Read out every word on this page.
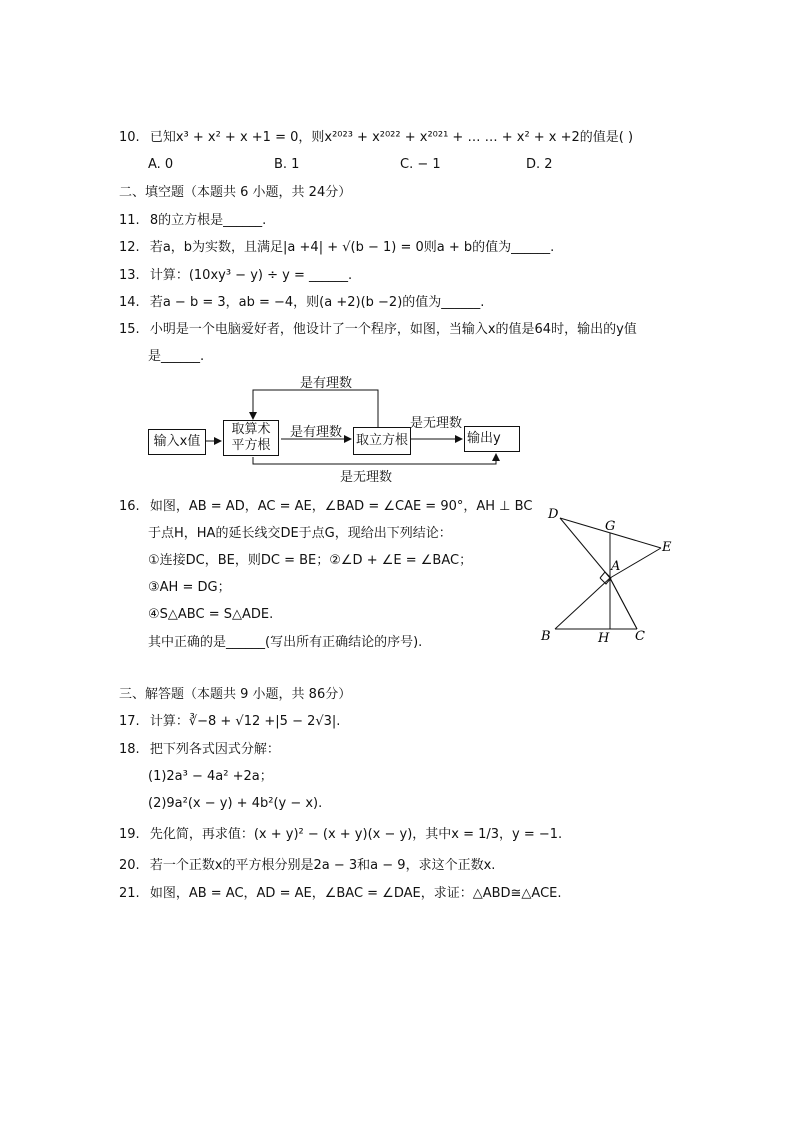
10. 已知x³ + x² + x +1 = 0，则x²⁰²³ + x²⁰²² + x²⁰²¹ + … … + x² + x +2的值是( )
A. 0	B. 1	C. − 1	D. 2
二、填空题（本题共 6 小题，共 24分）
11. 8的立方根是______.
12. 若a，b为实数，且满足|a +4| + √(b − 1) = 0则a + b的值为______.
13. 计算：(10xy³ − y) ÷ y = ______.
14. 若a − b = 3，ab = −4，则(a +2)(b −2)的值为______.
15. 小明是一个电脑爱好者，他设计了一个程序，如图，当输入x的值是64时，输出的y值
是______.
输入x值
取算术平方根	取立方根	输出y
是有理数
是有理数
是无理数
是无理数
16. 如图，AB = AD，AC = AE，∠BAD = ∠CAE = 90°，AH ⊥ BC
于点H，HA的延长线交DE于点G，现给出下列结论：
①连接DC，BE，则DC = BE；②∠D + ∠E = ∠BAC；
③AH = DG；
④S△ABC = S△ADE.
其中正确的是______(写出所有正确结论的序号).
D
G
E
A
B	H C
三、解答题（本题共 9 小题，共 86分）
17. 计算：∛−8 + √12 +|5 − 2√3|.
18. 把下列各式因式分解：
(1)2a³ − 4a² +2a；
(2)9a²(x − y) + 4b²(y − x).
19. 先化简，再求值：(x + y)² − (x + y)(x − y)，其中x = 1/3，y = −1.
20. 若一个正数x的平方根分别是2a − 3和a − 9，求这个正数x.
21. 如图，AB = AC，AD = AE，∠BAC = ∠DAE，求证：△ABD≅△ACE.
